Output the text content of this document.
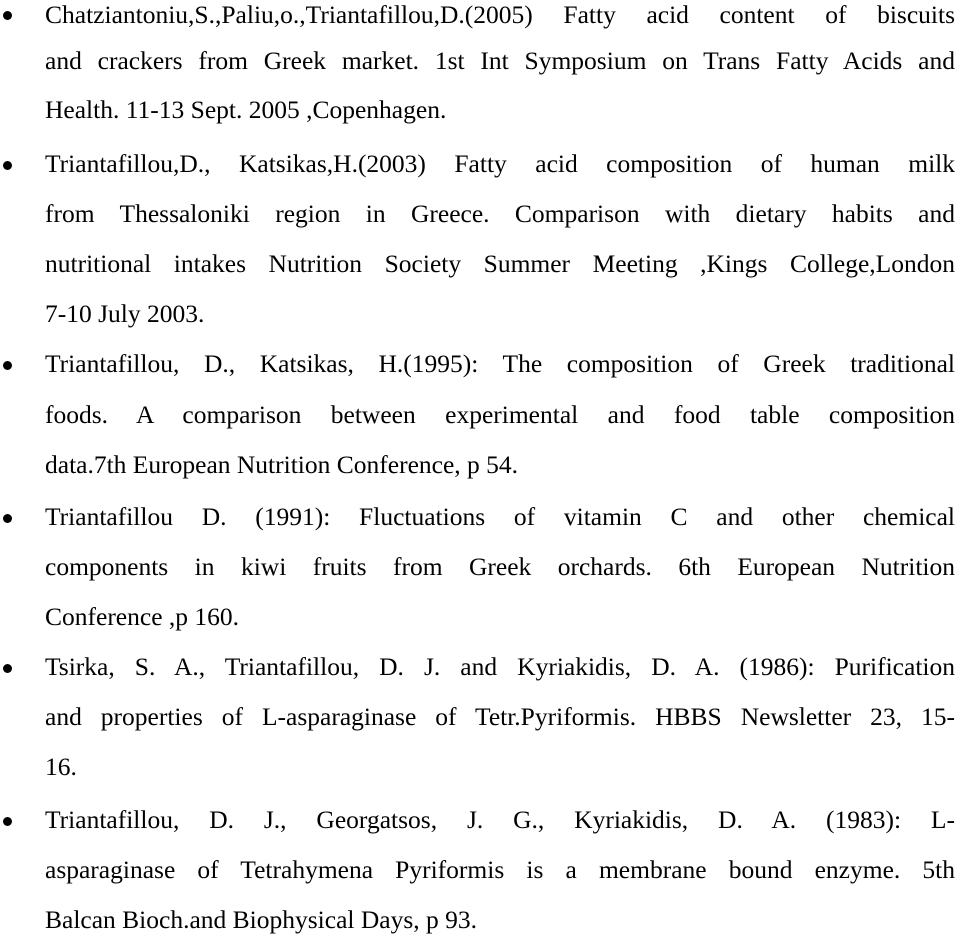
Chatziantoniu,S.,Paliu,o.,Triantafillou,D.(2005) Fatty acid content of biscuits
and crackers from Greek market. 1st Int Symposium on Trans Fatty Acids and
Health. 11-13 Sept. 2005 ,Copenhagen.
Triantafillou,D., Katsikas,H.(2003) Fatty acid composition of human milk
from Thessaloniki region in Greece. Comparison with dietary habits and
nutritional intakes Nutrition Society Summer Meeting ,Kings College,London
7-10 July 2003.
Triantafillou, D., Katsikas, H.(1995): The composition of Greek traditional
foods. A comparison between experimental and food table composition
data.7th European Nutrition Conference, p 54.
Triantafillou D. (1991): Fluctuations of vitamin C and other chemical
components in kiwi fruits from Greek orchards. 6th European Nutrition
Conference ,p 160.
Tsirka, S. A., Triantafillou, D. J. and Kyriakidis, D. A. (1986): Purification
and properties of L-asparaginase of Tetr.Pyriformis. HBBS Newsletter 23, 15-
16.
Triantafillou, D. J., Georgatsos, J. G., Kyriakidis, D. A. (1983): L-
asparaginase of Tetrahymena Pyriformis is a membrane bound enzyme. 5th
Balcan Bioch.and Biophysical Days, p 93.
